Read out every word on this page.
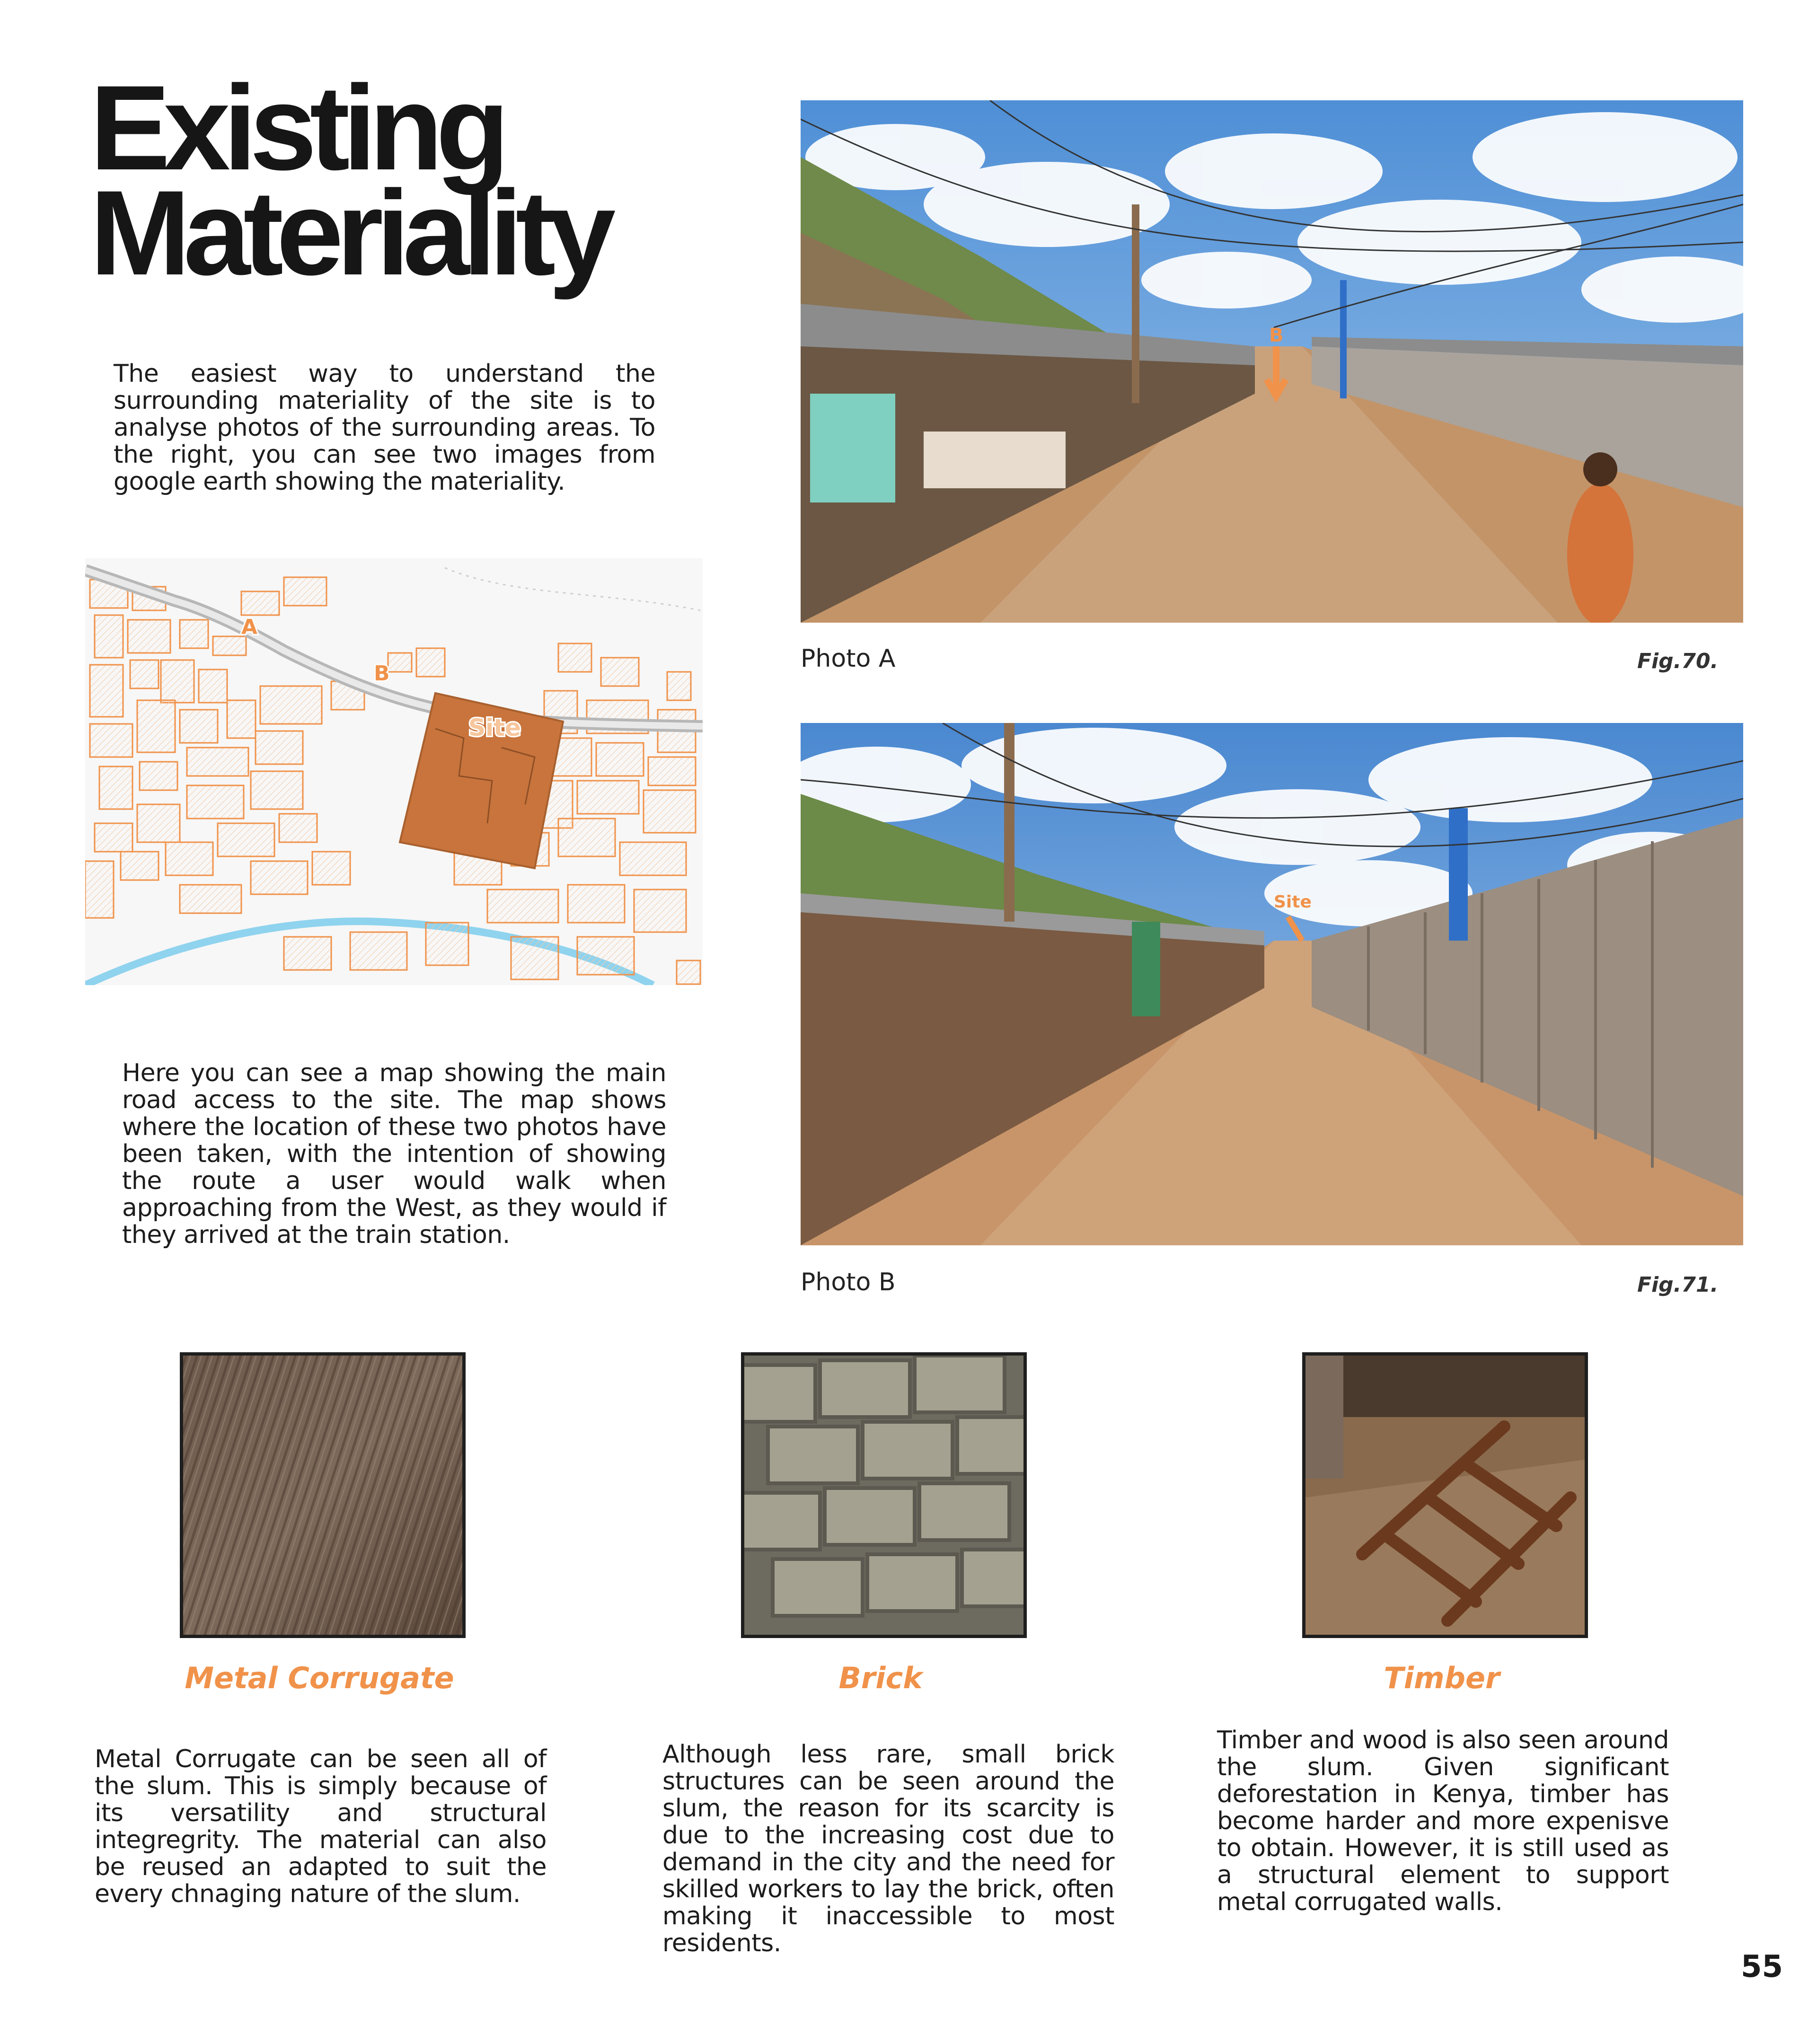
Existing
Materiality

The easiest way to understand the surrounding materiality of the site is to analyse photos of the surrounding areas. To the right, you can see two images from google earth showing the materiality.

A
B
Site

Here you can see a map showing the main road access to the site. The map shows where the location of these two photos have been taken, with the intention of showing the route a user would walk when approaching from the West, as they would if they arrived at the train station.

B
Photo A	Fig.70.
Site
Photo B	Fig.71.
Metal Corrugate	Brick	Timber

Metal Corrugate can be seen all of the slum. This is simply because of its versatility and structural integregrity. The material can also be reused an adapted to suit the every chnaging nature of the slum.

Although less rare, small brick structures can be seen around the slum, the reason for its scarcity is due to the increasing cost due to demand in the city and the need for skilled workers to lay the brick, often making it inaccessible to most residents.

Timber and wood is also seen around the slum. Given significant deforestation in Kenya, timber has become harder and more expenisve to obtain. However, it is still used as a structural element to support metal corrugated walls.

55
